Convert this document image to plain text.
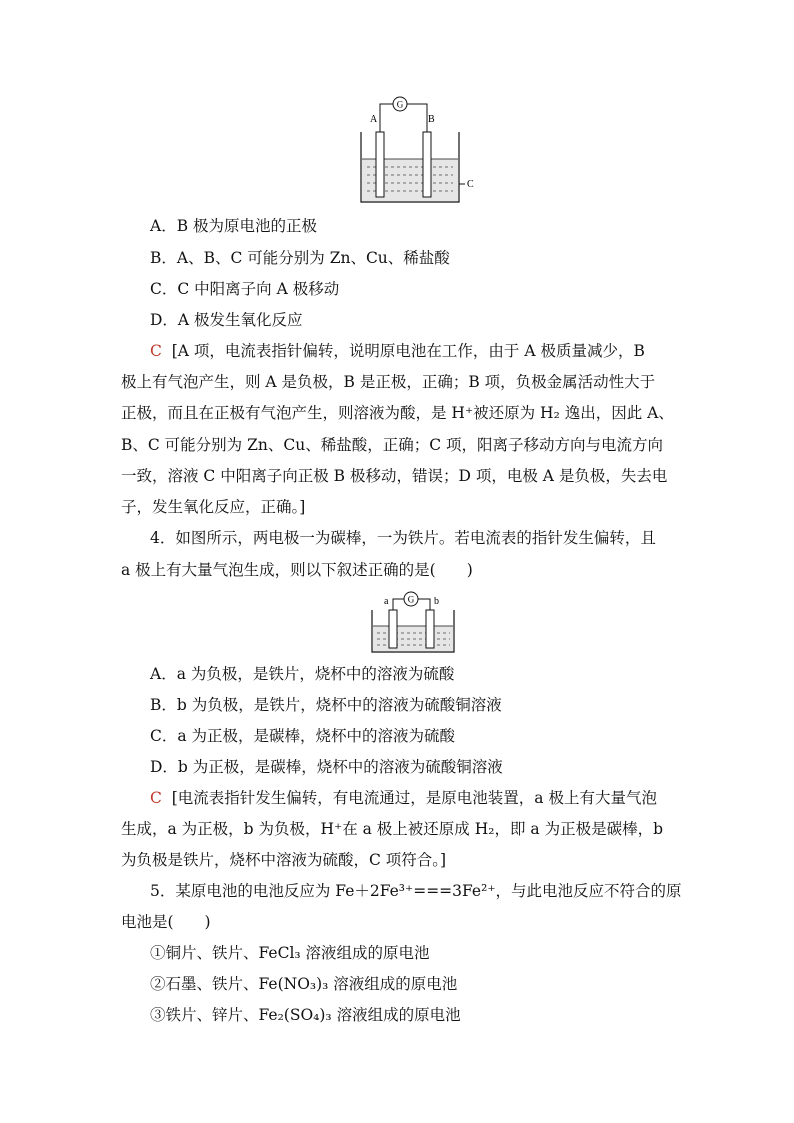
G
A	B
C
A．B 极为原电池的正极
B．A、B、C 可能分别为 Zn、Cu、稀盐酸
C．C 中阳离子向 A 极移动
D．A 极发生氧化反应
C [A 项，电流表指针偏转，说明原电池在工作，由于 A 极质量减少，B
极上有气泡产生，则 A 是负极，B 是正极，正确；B 项，负极金属活动性大于
正极，而且在正极有气泡产生，则溶液为酸，是 H⁺被还原为 H₂ 逸出，因此 A、
B、C 可能分别为 Zn、Cu、稀盐酸，正确；C 项，阳离子移动方向与电流方向
一致，溶液 C 中阳离子向正极 B 极移动，错误；D 项，电极 A 是负极，失去电
子，发生氧化反应，正确。]
4．如图所示，两电极一为碳棒，一为铁片。若电流表的指针发生偏转，且
a 极上有大量气泡生成，则以下叙述正确的是(　　)
G
a	b
A．a 为负极，是铁片，烧杯中的溶液为硫酸
B．b 为负极，是铁片，烧杯中的溶液为硫酸铜溶液
C．a 为正极，是碳棒，烧杯中的溶液为硫酸
D．b 为正极，是碳棒，烧杯中的溶液为硫酸铜溶液
C [电流表指针发生偏转，有电流通过，是原电池装置，a 极上有大量气泡
生成，a 为正极，b 为负极，H⁺在 a 极上被还原成 H₂，即 a 为正极是碳棒，b
为负极是铁片，烧杯中溶液为硫酸，C 项符合。]
5．某原电池的电池反应为 Fe＋2Fe³⁺===3Fe²⁺，与此电池反应不符合的原
电池是(　　)
①铜片、铁片、FeCl₃ 溶液组成的原电池
②石墨、铁片、Fe(NO₃)₃ 溶液组成的原电池
③铁片、锌片、Fe₂(SO₄)₃ 溶液组成的原电池
